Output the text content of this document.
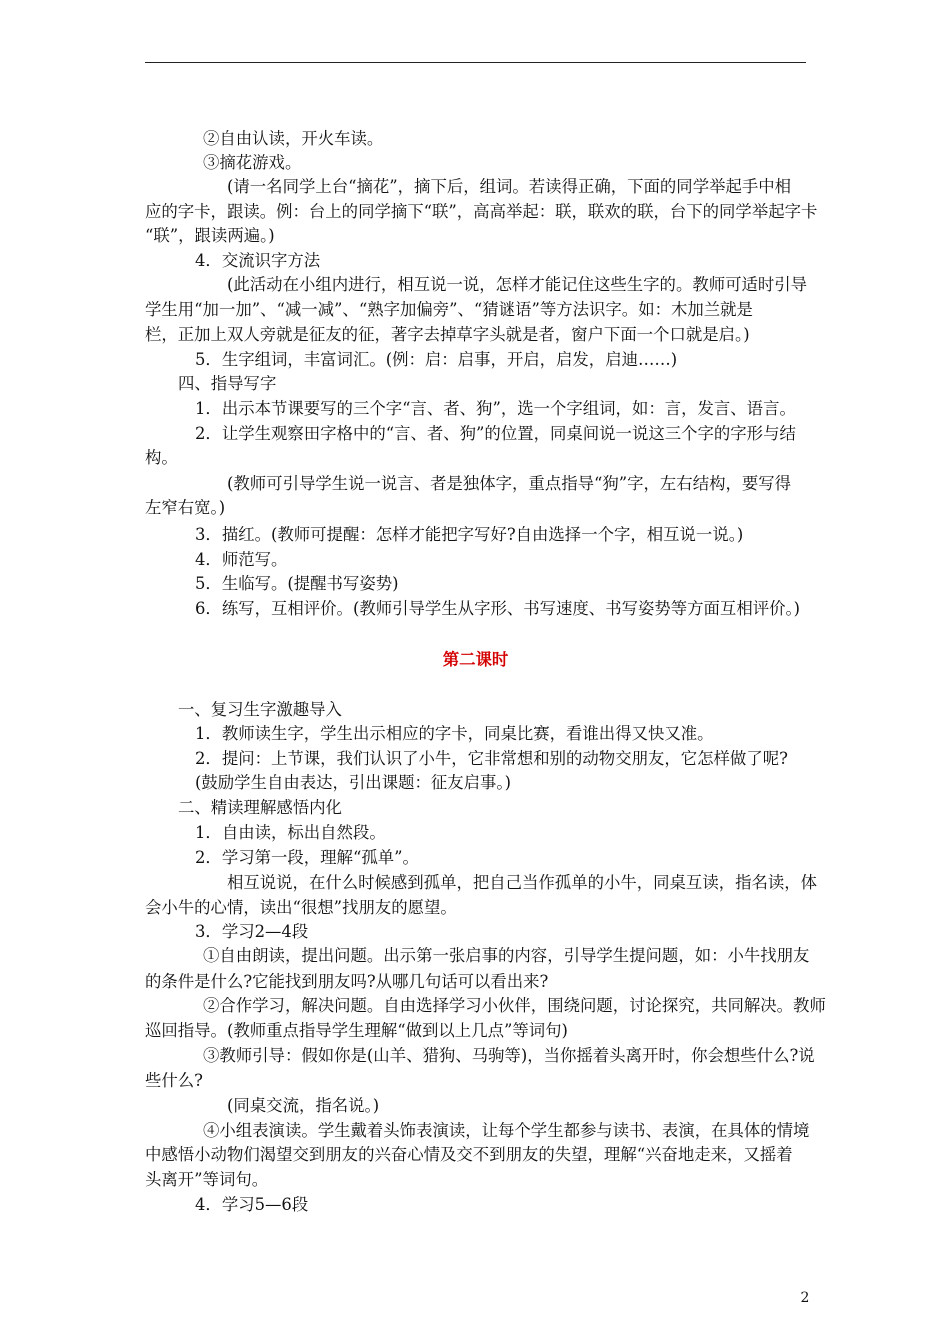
②自由认读，开火车读。
③摘花游戏。
(请一名同学上台“摘花”，摘下后，组词。若读得正确，下面的同学举起手中相
应的字卡，跟读。例：台上的同学摘下“联”，高高举起：联，联欢的联，台下的同学举起字卡
“联”，跟读两遍。)
4．交流识字方法
(此活动在小组内进行，相互说一说，怎样才能记住这些生字的。教师可适时引导
学生用“加一加”、“减一减”、“熟字加偏旁”、“猜谜语”等方法识字。如：木加兰就是
栏，正加上双人旁就是征友的征，著字去掉草字头就是者，窗户下面一个口就是启。)
5．生字组词，丰富词汇。(例：启：启事，开启，启发，启迪……)
四、指导写字
1．出示本节课要写的三个字“言、者、狗”，选一个字组词，如：言，发言、语言。
2．让学生观察田字格中的“言、者、狗”的位置，同桌间说一说这三个字的字形与结
构。
(教师可引导学生说一说言、者是独体字，重点指导“狗”字，左右结构，要写得
左窄右宽。)
3．描红。(教师可提醒：怎样才能把字写好?自由选择一个字，相互说一说。)
4．师范写。
5．生临写。(提醒书写姿势)
6．练写，互相评价。(教师引导学生从字形、书写速度、书写姿势等方面互相评价。)
第二课时
一、复习生字激趣导入
1．教师读生字，学生出示相应的字卡，同桌比赛，看谁出得又快又准。
2．提问：上节课，我们认识了小牛，它非常想和别的动物交朋友，它怎样做了呢?
(鼓励学生自由表达，引出课题：征友启事。)
二、精读理解感悟内化
1．自由读，标出自然段。
2．学习第一段，理解“孤单”。
相互说说，在什么时候感到孤单，把自己当作孤单的小牛，同桌互读，指名读，体
会小牛的心情，读出“很想”找朋友的愿望。
3．学习2—4段
①自由朗读，提出问题。出示第一张启事的内容，引导学生提问题，如：小牛找朋友
的条件是什么?它能找到朋友吗?从哪几句话可以看出来?
②合作学习，解决问题。自由选择学习小伙伴，围绕问题，讨论探究，共同解决。教师
巡回指导。(教师重点指导学生理解“做到以上几点”等词句)
③教师引导：假如你是(山羊、猎狗、马驹等)，当你摇着头离开时，你会想些什么?说
些什么?
(同桌交流，指名说。)
④小组表演读。学生戴着头饰表演读，让每个学生都参与读书、表演，在具体的情境
中感悟小动物们渴望交到朋友的兴奋心情及交不到朋友的失望，理解“兴奋地走来，又摇着
头离开”等词句。
4．学习5—6段
2
